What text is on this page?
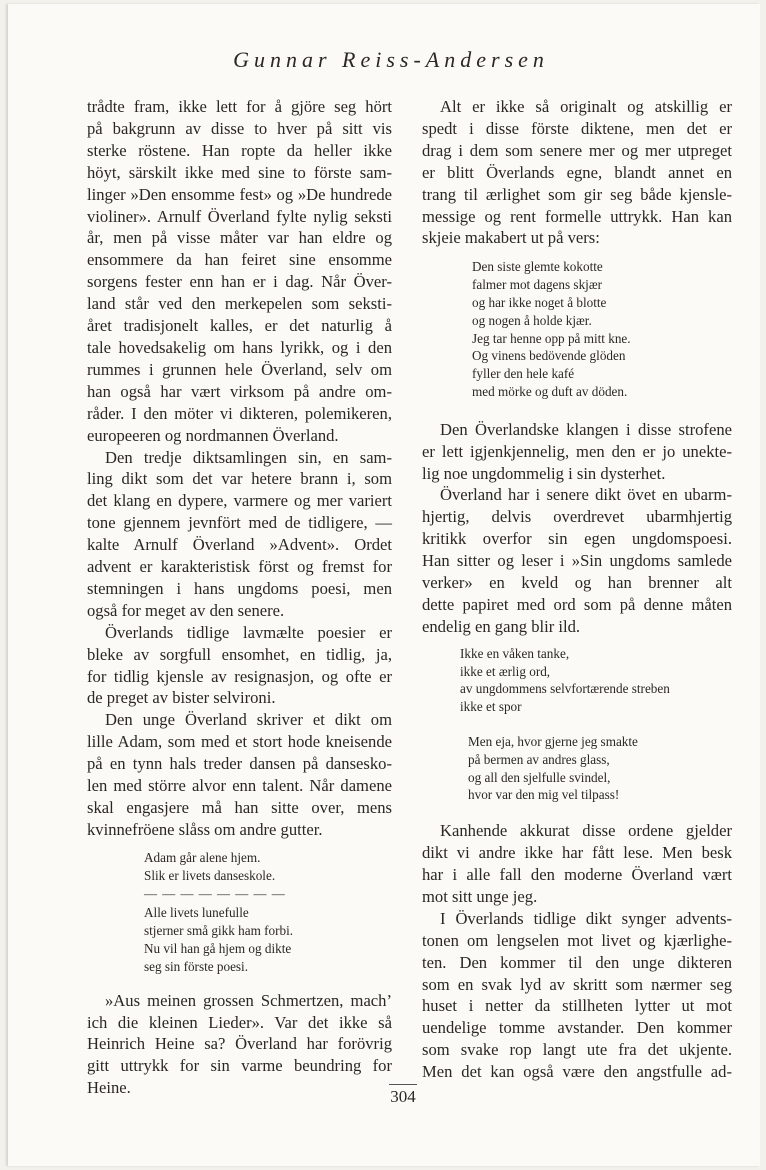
Gunnar Reiss-Andersen

trådte fram, ikke lett for å gjöre seg hört
på bakgrunn av disse to hver på sitt vis
sterke röstene. Han ropte da heller ikke
höyt, särskilt ikke med sine to förste sam-
linger »Den ensomme fest» og »De hundrede
violiner». Arnulf Överland fylte nylig seksti
år, men på visse måter var han eldre og
ensommere da han feiret sine ensomme
sorgens fester enn han er i dag. Når Över-
land står ved den merkepelen som seksti-
året tradisjonelt kalles, er det naturlig å
tale hovedsakelig om hans lyrikk, og i den
rummes i grunnen hele Överland, selv om
han også har vært virksom på andre om-
råder. I den möter vi dikteren, polemikeren,
europeeren og nordmannen Överland.

Den tredje diktsamlingen sin, en sam-
ling dikt som det var hetere brann i, som
det klang en dypere, varmere og mer variert
tone gjennem jevnfört med de tidligere, —
kalte Arnulf Överland »Advent». Ordet
advent er karakteristisk först og fremst for
stemningen i hans ungdoms poesi, men
også for meget av den senere.

Överlands tidlige lavmælte poesier er
bleke av sorgfull ensomhet, en tidlig, ja,
for tidlig kjensle av resignasjon, og ofte er
de preget av bister selvironi.

Den unge Överland skriver et dikt om
lille Adam, som med et stort hode kneisende
på en tynn hals treder dansen på dansesko-
len med större alvor enn talent. Når damene
skal engasjere må han sitte over, mens
kvinnefröene slåss om andre gutter.

Adam går alene hjem.
Slik er livets danseskole.
— — — — — — — —
Alle livets lunefulle
stjerner små gikk ham forbi.
Nu vil han gå hjem og dikte
seg sin förste poesi.

»Aus meinen grossen Schmertzen, mach’
ich die kleinen Lieder». Var det ikke så
Heinrich Heine sa? Överland har forövrig
gitt uttrykk for sin varme beundring for
Heine.

Alt er ikke så originalt og atskillig er
spedt i disse förste diktene, men det er
drag i dem som senere mer og mer utpreget
er blitt Överlands egne, blandt annet en
trang til ærlighet som gir seg både kjensle-
messige og rent formelle uttrykk. Han kan
skjeie makabert ut på vers:

Den siste glemte kokotte
falmer mot dagens skjær
og har ikke noget å blotte
og nogen å holde kjær.
Jeg tar henne opp på mitt kne.
Og vinens bedövende glöden
fyller den hele kafé
med mörke og duft av döden.

Den Överlandske klangen i disse strofene
er lett igjenkjennelig, men den er jo unekte-
lig noe ungdommelig i sin dysterhet.

Överland har i senere dikt övet en ubarm-
hjertig, delvis overdrevet ubarmhjertig
kritikk overfor sin egen ungdomspoesi.
Han sitter og leser i »Sin ungdoms samlede
verker» en kveld og han brenner alt
dette papiret med ord som på denne måten
endelig en gang blir ild.

Ikke en våken tanke,
ikke et ærlig ord,
av ungdommens selvfortærende streben
ikke et spor
Men eja, hvor gjerne jeg smakte
på bermen av andres glass,
og all den sjelfulle svindel,
hvor var den mig vel tilpass!

Kanhende akkurat disse ordene gjelder
dikt vi andre ikke har fått lese. Men besk
har i alle fall den moderne Överland vært
mot sitt unge jeg.

I Överlands tidlige dikt synger advents-
tonen om lengselen mot livet og kjærlighe-
ten. Den kommer til den unge dikteren
som en svak lyd av skritt som nærmer seg
huset i netter da stillheten lytter ut mot
uendelige tomme avstander. Den kommer
som svake rop langt ute fra det ukjente.
Men det kan også være den angstfulle ad-

304
